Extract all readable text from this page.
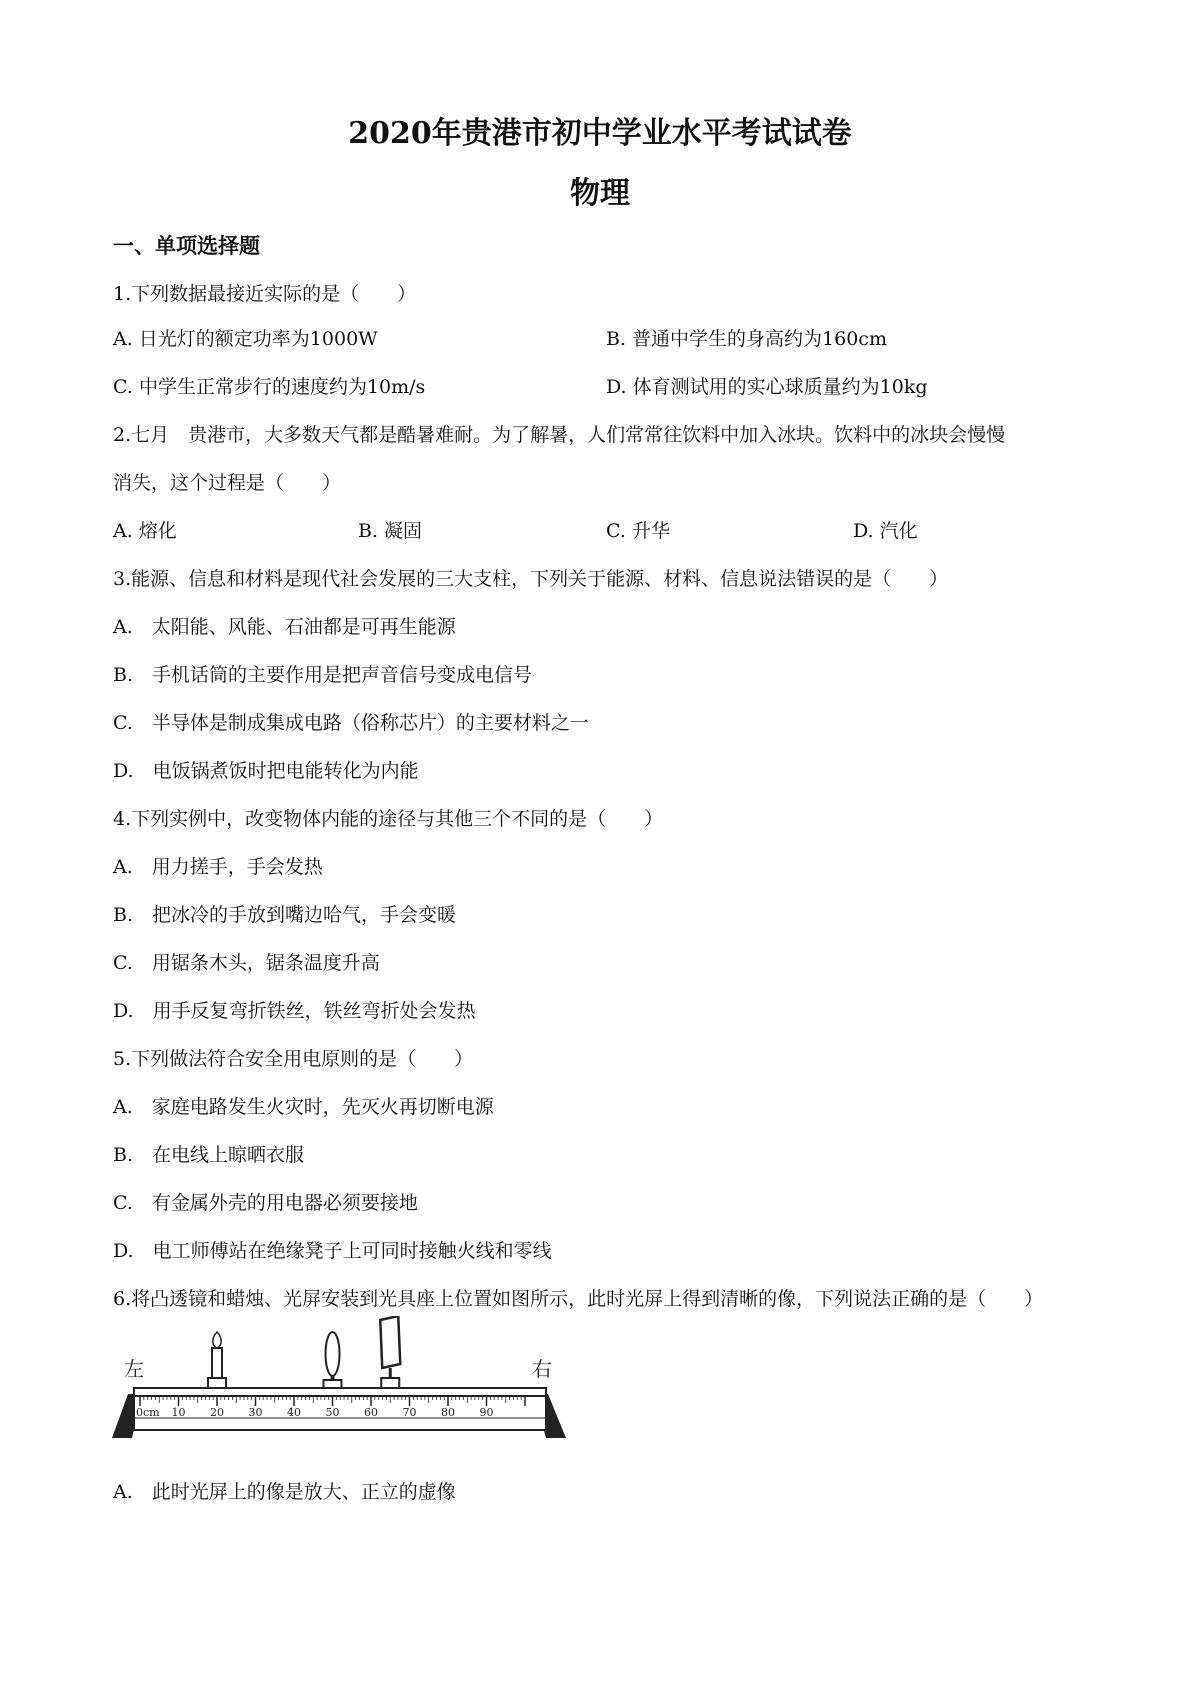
2020年贵港市初中学业水平考试试卷
物理
一、单项选择题
1.下列数据最接近实际的是（　　）
A. 日光灯的额定功率为1000W	B. 普通中学生的身高约为160cm
C. 中学生正常步行的速度约为10m/s	D. 体育测试用的实心球质量约为10kg
2.七月　贵港市，大多数天气都是酷暑难耐。为了解暑，人们常常往饮料中加入冰块。饮料中的冰块会慢慢
消失，这个过程是（　　）
A. 熔化	B. 凝固	C. 升华	D. 汽化
3.能源、信息和材料是现代社会发展的三大支柱，下列关于能源、材料、信息说法错误的是（　　）
A.　太阳能、风能、石油都是可再生能源
B.　手机话筒的主要作用是把声音信号变成电信号
C.　半导体是制成集成电路（俗称芯片）的主要材料之一
D.　电饭锅煮饭时把电能转化为内能
4.下列实例中，改变物体内能的途径与其他三个不同的是（　　）
A.　用力搓手，手会发热
B.　把冰冷的手放到嘴边哈气，手会变暖
C.　用锯条木头，锯条温度升高
D.　用手反复弯折铁丝，铁丝弯折处会发热
5.下列做法符合安全用电原则的是（　　）
A.　家庭电路发生火灾时，先灭火再切断电源
B.　在电线上晾晒衣服
C.　有金属外壳的用电器必须要接地
D.　电工师傅站在绝缘凳子上可同时接触火线和零线
6.将凸透镜和蜡烛、光屏安装到光具座上位置如图所示，此时光屏上得到清晰的像，下列说法正确的是（　　）
左	右
0cm 10 20 30 40 50 60 70 80 90
A.　此时光屏上的像是放大、正立的虚像
